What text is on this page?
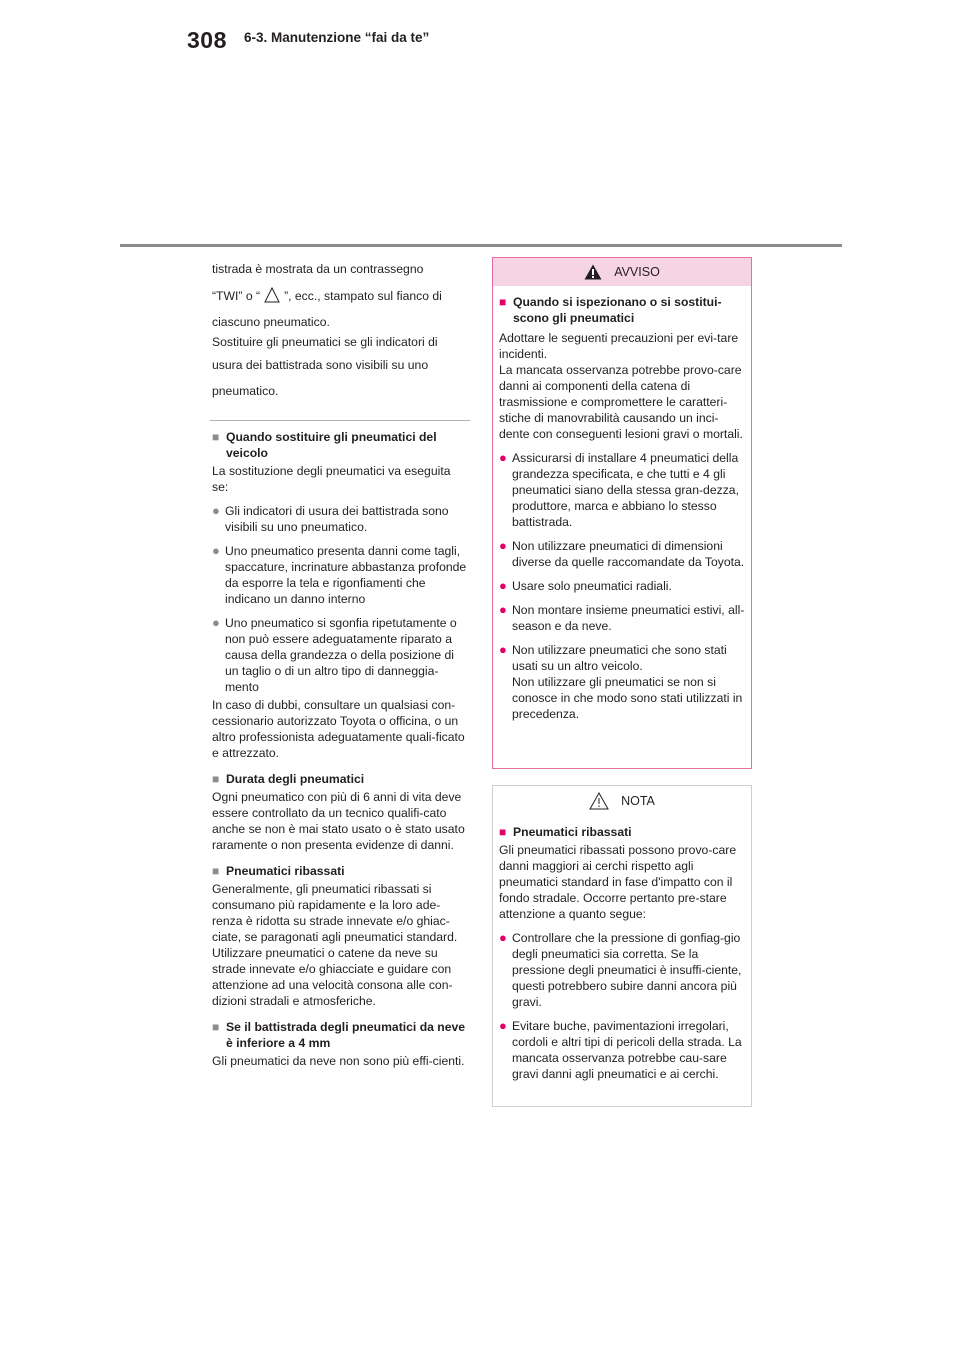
308 6-3. Manutenzione “fai da te”

tistrada è mostrata da un contrassegno

“TWI” o “ ”, ecc., stampato sul fianco di

ciascuno pneumatico.

Sostituire gli pneumatici se gli indicatori di

usura dei battistrada sono visibili su uno

pneumatico.

■ Quando sostituire gli pneumatici del veicolo

La sostituzione degli pneumatici va eseguita se:

● Gli indicatori di usura dei battistrada sono visibili su uno pneumatico.
● Uno pneumatico presenta danni come tagli, spaccature, incrinature abbastanza profonde da esporre la tela e rigonfiamenti che indicano un danno interno
● Uno pneumatico si sgonfia ripetutamente o non può essere adeguatamente riparato a causa della grandezza o della posizione di un taglio o di un altro tipo di danneggia-mento

In caso di dubbi, consultare un qualsiasi con-cessionario autorizzato Toyota o officina, o un altro professionista adeguatamente quali-ficato e attrezzato.

■ Durata degli pneumatici

Ogni pneumatico con più di 6 anni di vita deve essere controllato da un tecnico qualifi-cato anche se non è mai stato usato o è stato usato raramente o non presenta evidenze di danni.

■ Pneumatici ribassati

Generalmente, gli pneumatici ribassati si consumano più rapidamente e la loro ade-renza è ridotta su strade innevate e/o ghiac-ciate, se paragonati agli pneumatici standard. Utilizzare pneumatici o catene da neve su strade innevate e/o ghiacciate e guidare con attenzione ad una velocità consona alle con-dizioni stradali e atmosferiche.

■ Se il battistrada degli pneumatici da neve è inferiore a 4 mm

Gli pneumatici da neve non sono più effi-cienti.

AVVISO
■ Quando si ispezionano o si sostitui-scono gli pneumatici

Adottare le seguenti precauzioni per evi-tare incidenti.
La mancata osservanza potrebbe provo-care danni ai componenti della catena di trasmissione e compromettere le caratteri-stiche di manovrabilità causando un inci-dente con conseguenti lesioni gravi o mortali.

● Assicurarsi di installare 4 pneumatici della grandezza specificata, e che tutti e 4 gli pneumatici siano della stessa gran-dezza, produttore, marca e abbiano lo stesso battistrada.
● Non utilizzare pneumatici di dimensioni diverse da quelle raccomandate da Toyota.
● Usare solo pneumatici radiali.
● Non montare insieme pneumatici estivi, all-season e da neve.
● Non utilizzare pneumatici che sono stati usati su un altro veicolo.
Non utilizzare gli pneumatici se non si conosce in che modo sono stati utilizzati in precedenza.
NOTA
■ Pneumatici ribassati

Gli pneumatici ribassati possono provo-care danni maggiori ai cerchi rispetto agli pneumatici standard in fase d'impatto con il fondo stradale. Occorre pertanto pre-stare attenzione a quanto segue:

● Controllare che la pressione di gonfiag-gio degli pneumatici sia corretta. Se la pressione degli pneumatici è insuffi-ciente, questi potrebbero subire danni ancora più gravi.
● Evitare buche, pavimentazioni irregolari, cordoli e altri tipi di pericoli della strada. La mancata osservanza potrebbe cau-sare gravi danni agli pneumatici e ai cerchi.
